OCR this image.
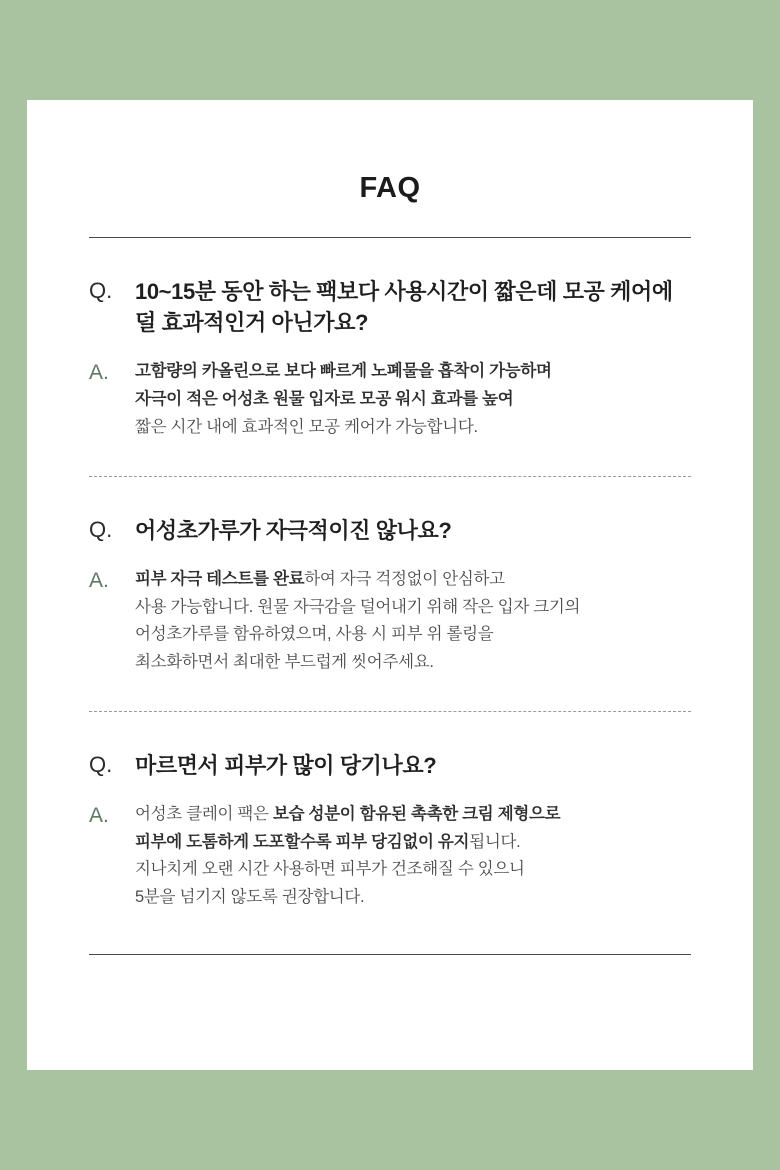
FAQ
Q.	10~15분 동안 하는 팩보다 사용시간이 짧은데 모공 케어에 덜 효과적인거 아닌가요?
A.	고함량의 카올린으로 보다 빠르게 노폐물을 흡착이 가능하며
자극이 적은 어성초 원물 입자로 모공 워시 효과를 높여
짧은 시간 내에 효과적인 모공 케어가 가능합니다.
Q.	어성초가루가 자극적이진 않나요?
A.	피부 자극 테스트를 완료하여 자극 걱정없이 안심하고
사용 가능합니다. 원물 자극감을 덜어내기 위해 작은 입자 크기의
어성초가루를 함유하였으며, 사용 시 피부 위 롤링을
최소화하면서 최대한 부드럽게 씻어주세요.
Q.	마르면서 피부가 많이 당기나요?
A.	어성초 클레이 팩은 보습 성분이 함유된 촉촉한 크림 제형으로
피부에 도톰하게 도포할수록 피부 당김없이 유지됩니다.
지나치게 오랜 시간 사용하면 피부가 건조해질 수 있으니
5분을 넘기지 않도록 권장합니다.
